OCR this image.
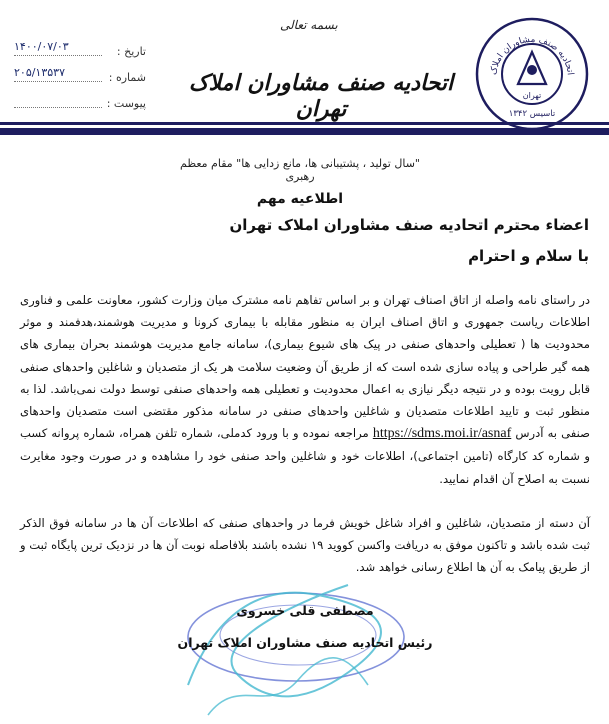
بسمه تعالی
اتحادیه صنف مشاوران املاک تهران
تاریخ :
شماره :
پیوست :
۱۴۰۰/۰۷/۰۳
۲۰۵/۱۳۵۳۷	اتحادیه صنف مشاوران املاک
تهران
تاسیس ۱۳۴۲
"سال تولید ، پشتیبانی ها، مانع زدایی ها" مقام معظم رهبری
اطلاعیه مهم
اعضاء محترم اتحادیه صنف مشاوران املاک تهران
با سلام و احترام
در راستای نامه واصله از اتاق اصناف تهران و بر اساس تفاهم نامه مشترک میان وزارت کشور، معاونت علمی و فناوری اطلاعات ریاست جمهوری و اتاق اصناف ایران به منظور مقابله با بیماری کرونا و مدیریت هوشمند،هدفمند و موثر محدودیت ها ( تعطیلی واحدهای صنفی در پیک های شیوع بیماری)، سامانه جامع مدیریت هوشمند بحران بیماری های همه گیر طراحی و پیاده سازی شده است که از طریق آن وضعیت سلامت هر یک از متصدیان و شاغلین واحدهای صنفی قابل رویت بوده و در نتیجه دیگر نیازی به اعمال محدودیت و تعطیلی همه واحدهای صنفی توسط دولت نمی‌باشد. لذا به منظور ثبت و تایید اطلاعات متصدیان و شاغلین واحدهای صنفی در سامانه مذکور مقتضی است متصدیان واحدهای صنفی به آدرس https://sdms.moi.ir/asnaf مراجعه نموده و با ورود کدملی، شماره تلفن همراه، شماره پروانه کسب و شماره کد کارگاه (تامین اجتماعی)، اطلاعات خود و شاغلین واحد صنفی خود را مشاهده و در صورت وجود مغایرت نسبت به اصلاح آن اقدام نمایید.
آن دسته از متصدیان، شاغلین و افراد شاغل خویش فرما در واحدهای صنفی که اطلاعات آن ها در سامانه فوق الذکر ثبت شده باشد و تاکنون موفق به دریافت واکسن کووید ۱۹ نشده باشند بلافاصله نوبت آن ها در نزدیک ترین پایگاه ثبت و از طریق پیامک به آن ها اطلاع رسانی خواهد شد.
مصطفی قلی خسروی
رئیس اتحادیه صنف مشاوران املاک تهران
